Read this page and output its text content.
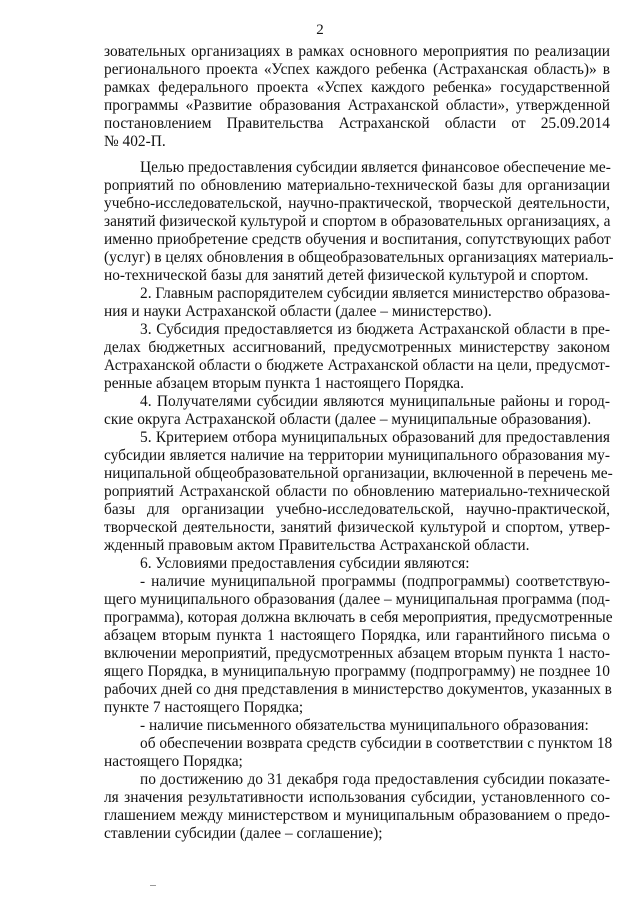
2
зовательных организациях в рамках основного мероприятия по реализации
регионального проекта «Успех каждого ребенка (Астраханская область)» в
рамках федерального проекта «Успех каждого ребенка» государственной
программы «Развитие образования Астраханской области», утвержденной
постановлением Правительства Астраханской области от 25.09.2014
№ 402-П.
Целью предоставления субсидии является финансовое обеспечение ме-
роприятий по обновлению материально-технической базы для организации
учебно-исследовательской, научно-практической, творческой деятельности,
занятий физической культурой и спортом в образовательных организациях, а
именно приобретение средств обучения и воспитания, сопутствующих работ
(услуг) в целях обновления в общеобразовательных организациях материаль-
но-технической базы для занятий детей физической культурой и спортом.
2. Главным распорядителем субсидии является министерство образова-
ния и науки Астраханской области (далее – министерство).
3. Субсидия предоставляется из бюджета Астраханской области в пре-
делах бюджетных ассигнований, предусмотренных министерству законом
Астраханской области о бюджете Астраханской области на цели, предусмот-
ренные абзацем вторым пункта 1 настоящего Порядка.
4. Получателями субсидии являются муниципальные районы и город-
ские округа Астраханской области (далее – муниципальные образования).
5. Критерием отбора муниципальных образований для предоставления
субсидии является наличие на территории муниципального образования му-
ниципальной общеобразовательной организации, включенной в перечень ме-
роприятий Астраханской области по обновлению материально-технической
базы для организации учебно-исследовательской, научно-практической,
творческой деятельности, занятий физической культурой и спортом, утвер-
жденный правовым актом Правительства Астраханской области.
6. Условиями предоставления субсидии являются:
- наличие муниципальной программы (подпрограммы) соответствую-
щего муниципального образования (далее – муниципальная программа (под-
программа), которая должна включать в себя мероприятия, предусмотренные
абзацем вторым пункта 1 настоящего Порядка, или гарантийного письма о
включении мероприятий, предусмотренных абзацем вторым пункта 1 насто-
ящего Порядка, в муниципальную программу (подпрограмму) не позднее 10
рабочих дней со дня представления в министерство документов, указанных в
пункте 7 настоящего Порядка;
- наличие письменного обязательства муниципального образования:
об обеспечении возврата средств субсидии в соответствии с пунктом 18
настоящего Порядка;
по достижению до 31 декабря года предоставления субсидии показате-
ля значения результативности использования субсидии, установленного со-
глашением между министерством и муниципальным образованием о предо-
ставлении субсидии (далее – соглашение);
